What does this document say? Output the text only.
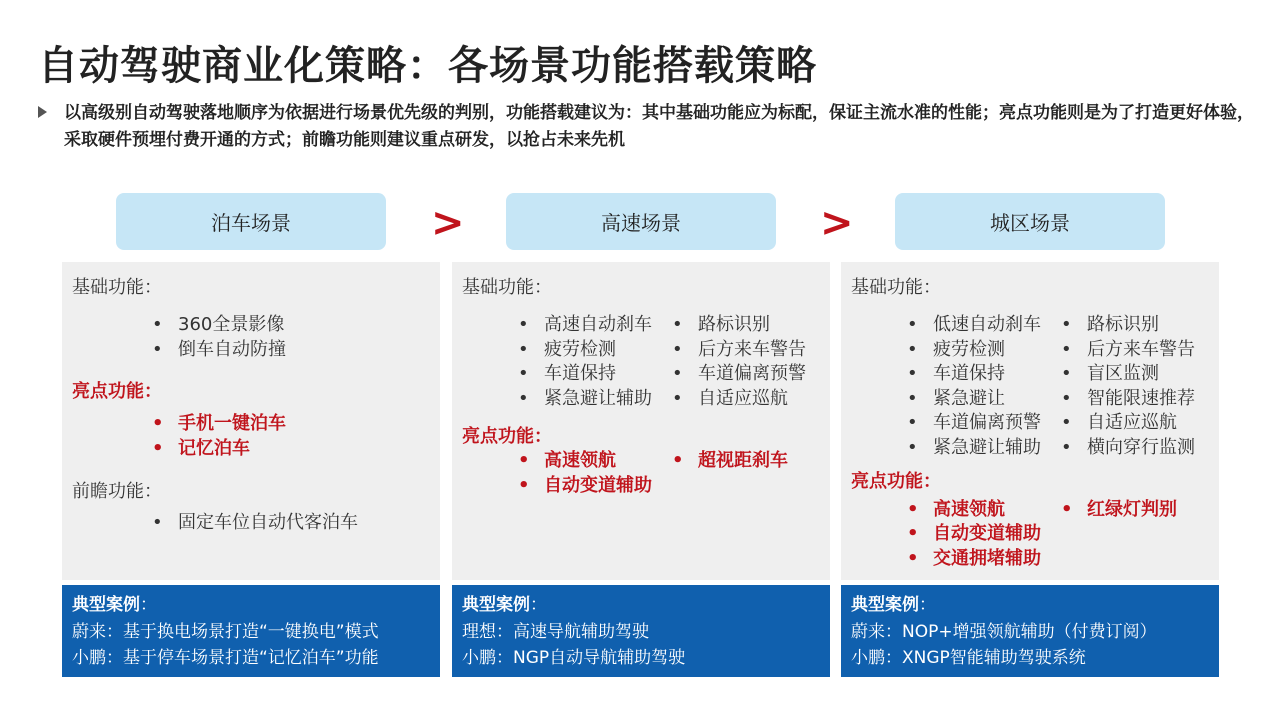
自动驾驶商业化策略：各场景功能搭载策略
以高级别自动驾驶落地顺序为依据进行场景优先级的判别，功能搭载建议为：其中基础功能应为标配，保证主流水准的性能；亮点功能则是为了打造更好体验，采取硬件预埋付费开通的方式；前瞻功能则建议重点研发，以抢占未来先机
泊车场景	>	高速场景	>	城区场景
基础功能：
• 360全景影像
• 倒车自动防撞
亮点功能：
• 手机一键泊车
• 记忆泊车
前瞻功能：
• 固定车位自动代客泊车
典型案例：
蔚来：基于换电场景打造“一键换电”模式
小鹏：基于停车场景打造“记忆泊车”功能
基础功能：
• 高速自动刹车
• 疲劳检测
• 车道保持
• 紧急避让辅助
• 路标识别
• 后方来车警告
• 车道偏离预警
• 自适应巡航
亮点功能：
• 高速领航
• 自动变道辅助
• 超视距刹车
典型案例：
理想：高速导航辅助驾驶
小鹏：NGP自动导航辅助驾驶
基础功能：
• 低速自动刹车
• 疲劳检测
• 车道保持
• 紧急避让
• 车道偏离预警
• 紧急避让辅助
• 路标识别
• 后方来车警告
• 盲区监测
• 智能限速推荐
• 自适应巡航
• 横向穿行监测
亮点功能：
• 高速领航
• 自动变道辅助
• 交通拥堵辅助
• 红绿灯判别
典型案例：
蔚来：NOP+增强领航辅助（付费订阅）
小鹏：XNGP智能辅助驾驶系统
